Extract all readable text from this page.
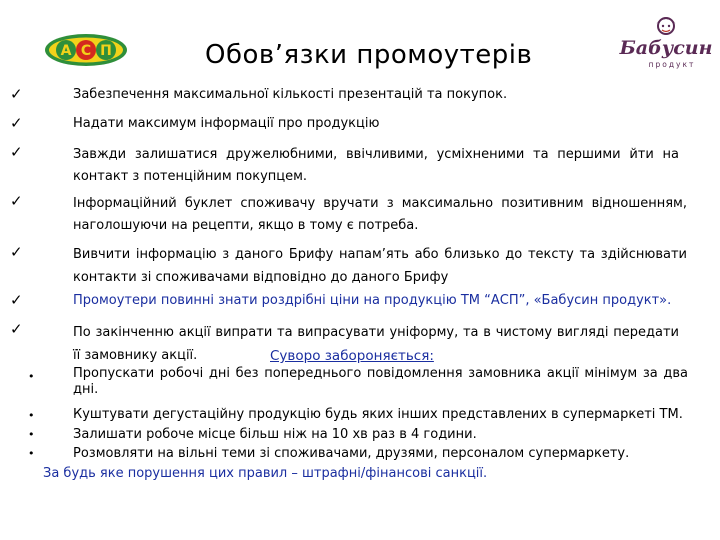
А С П	Бабусин
продукт
Обов’язки промоутерів
✓	Забезпечення максимальної кількості презентацій та покупок.
✓	Надати максимум інформації про продукцію
✓	Завжди залишатися дружелюбними, ввічливими, усміхненими та першими йти на контакт з потенційним покупцем.
✓	Інформаційний буклет споживачу вручати з максимально позитивним відношенням, наголошуючи на рецепти, якщо в тому є потреба.
✓	Вивчити інформацію з даного Брифу напам’ять або близько до тексту та здійснювати контакти зі споживачами відповідно до даного Брифу
✓	Промоутери повинні знати роздрібні ціни на продукцію ТМ “АСП”, «Бабусин продукт».
✓	По закінченню акції випрати та випрасувати уніформу, та в чистому вигляді передати її замовнику акції.	Суворо забороняється:
•	Пропускати робочі дні без попереднього повідомлення замовника акції мінімум за два дні.
•	Куштувати дегустаційну продукцію будь яких інших представлених в супермаркеті ТМ.
•	Залишати робоче місце більш ніж на 10 хв раз в 4 години.
•	Розмовляти на вільні теми зі споживачами, друзями, персоналом супермаркету.
За будь яке порушення цих правил – штрафні/фінансові санкції.
